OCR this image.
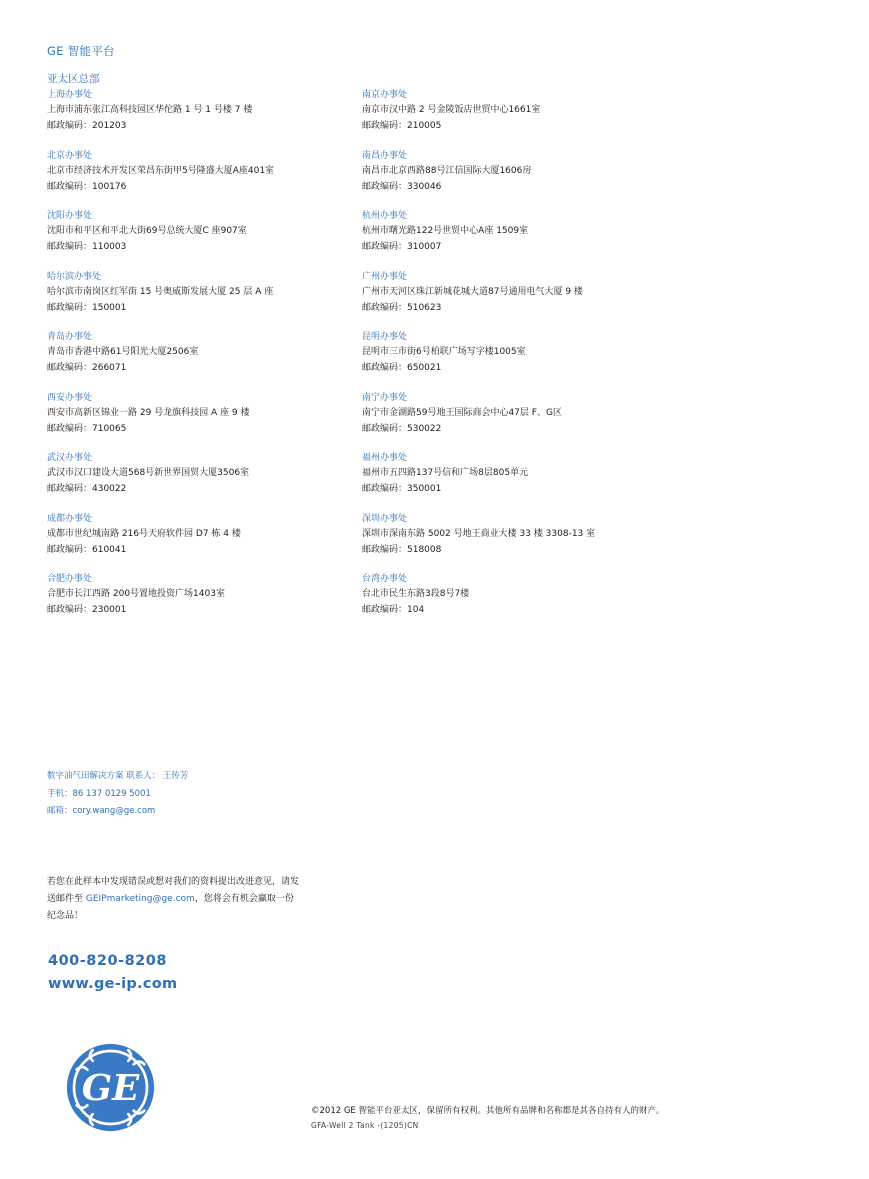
GE 智能平台
亚太区总部
上海办事处
上海市浦东张江高科技园区华佗路 1 号 1 号楼 7 楼
邮政编码：201203
北京办事处
北京市经济技术开发区荣昌东街甲5号隆盛大厦A座401室
邮政编码：100176
沈阳办事处
沈阳市和平区和平北大街69号总统大厦C 座907室
邮政编码：110003
哈尔滨办事处
哈尔滨市南岗区红军街 15 号奥威斯发展大厦 25 层 A 座
邮政编码：150001
青岛办事处
青岛市香港中路61号阳光大厦2506室
邮政编码：266071
西安办事处
西安市高新区锦业一路 29 号龙旗科技园 A 座 9 楼
邮政编码：710065
武汉办事处
武汉市汉口建设大道568号新世界国贸大厦3506室
邮政编码：430022
成都办事处
成都市世纪城南路 216号天府软件园 D7 栋 4 楼
邮政编码：610041
合肥办事处
合肥市长江西路 200号置地投资广场1403室
邮政编码：230001
南京办事处
南京市汉中路 2 号金陵饭店世贸中心1661室
邮政编码：210005
南昌办事处
南昌市北京西路88号江信国际大厦1606房
邮政编码：330046
杭州办事处
杭州市曙光路122号世贸中心A座 1509室
邮政编码：310007
广州办事处
广州市天河区珠江新城花城大道87号通用电气大厦 9 楼
邮政编码：510623
昆明办事处
昆明市三市街6号柏联广场写字楼1005室
邮政编码：650021
南宁办事处
南宁市金湖路59号地王国际商会中心47层 F、G区
邮政编码：530022
福州办事处
福州市五四路137号信和广场8层805单元
邮政编码：350001
深圳办事处
深圳市深南东路 5002 号地王商业大楼 33 楼 3308-13 室
邮政编码：518008
台湾办事处
台北市民生东路3段8号7楼
邮政编码：104
数字油气田解决方案 联系人： 王传芳
手机：86 137 0129 5001
邮箱：cory.wang@ge.com
若您在此样本中发现错误或想对我们的资料提出改进意见，请发送邮件至 GEIPmarketing@ge.com，您将会有机会赢取一份纪念品！
400-820-8208
www.ge-ip.com
GE
©2012 GE 智能平台亚太区，保留所有权利。其他所有品牌和名称都是其各自持有人的财产。
GFA-Well 2 Tank -(1205)CN
